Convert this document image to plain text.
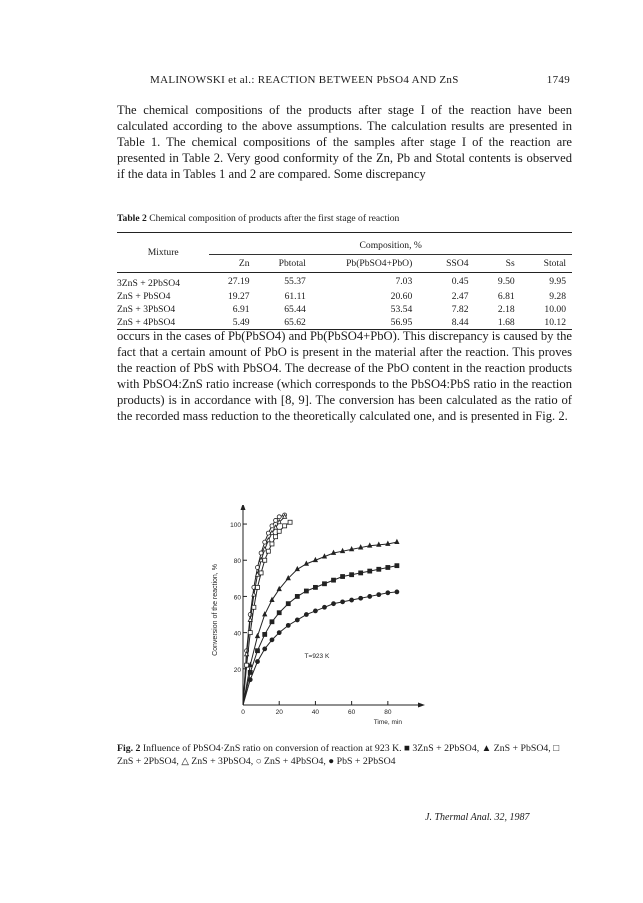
MALINOWSKI et al.: REACTION BETWEEN PbSO4 AND ZnS	1749
The chemical compositions of the products after stage I of the reaction have been calculated according to the above assumptions. The calculation results are presented in Table 1. The chemical compositions of the samples after stage I of the reaction are presented in Table 2. Very good conformity of the Zn, Pb and Stotal contents is observed if the data in Tables 1 and 2 are compared. Some discrepancy
Table 2 Chemical composition of products after the first stage of reaction
Mixture	Composition, %					
	Zn	Pbtotal	Pb(PbSO4+PbO)	SSO4	Ss	Stotal
3ZnS + 2PbSO4	27.19	55.37	7.03	0.45	9.50	9.95
ZnS + PbSO4	19.27	61.11	20.60	2.47	6.81	9.28
ZnS + 3PbSO4	6.91	65.44	53.54	7.82	2.18	10.00
ZnS + 4PbSO4	5.49	65.62	56.95	8.44	1.68	10.12
occurs in the cases of Pb(PbSO4) and Pb(PbSO4+PbO). This discrepancy is caused by the fact that a certain amount of PbO is present in the material after the reaction. This proves the reaction of PbS with PbSO4. The decrease of the PbO content in the reaction products with PbSO4:ZnS ratio increase (which corresponds to the PbSO4:PbS ratio in the reaction products) is in accordance with [8, 9]. The conversion has been calculated as the ratio of the recorded mass reduction to the theoretically calculated one, and is presented in Fig. 2.
20
40
60
80
100
0	20	40	60	80
Conversion of the reaction, %
Time, min
T=923 K
Fig. 2 Influence of PbSO4·ZnS ratio on conversion of reaction at 923 K. ■ 3ZnS + 2PbSO4, ▲ ZnS + PbSO4, □ ZnS + 2PbSO4, △ ZnS + 3PbSO4, ○ ZnS + 4PbSO4, ● PbS + 2PbSO4
J. Thermal Anal. 32, 1987
